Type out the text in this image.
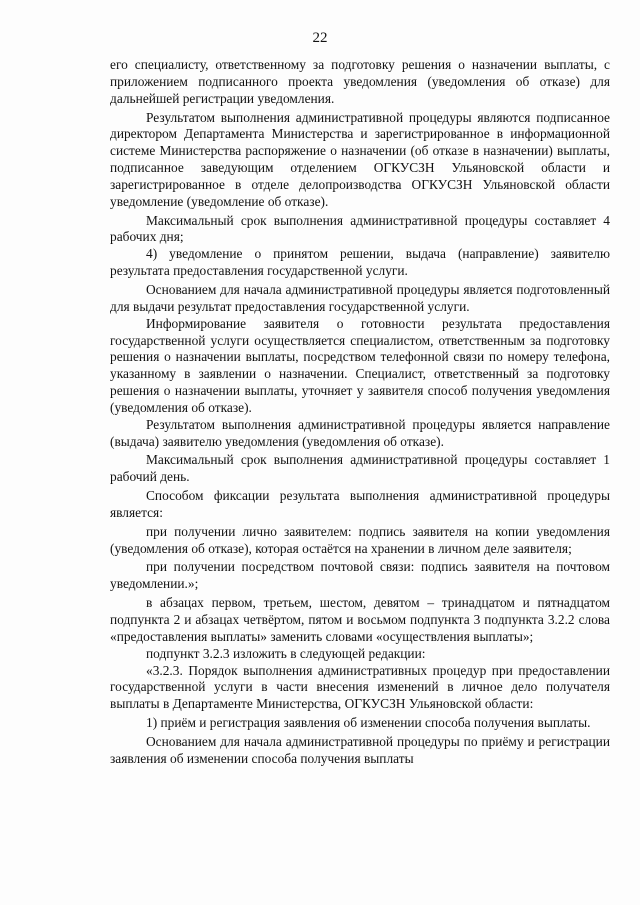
22

его специалисту, ответственному за подготовку решения о назначении выплаты, с приложением подписанного проекта уведомления (уведомления об отказе) для дальнейшей регистрации уведомления.

Результатом выполнения административной процедуры являются подписанное директором Департамента Министерства и зарегистрированное в информационной системе Министерства распоряжение о назначении (об отказе в назначении) выплаты, подписанное заведующим отделением ОГКУСЗН Ульяновской области и зарегистрированное в отделе делопроизводства ОГКУСЗН Ульяновской области уведомление (уведомление об отказе).

Максимальный срок выполнения административной процедуры составляет 4 рабочих дня;

4) уведомление о принятом решении, выдача (направление) заявителю результата предоставления государственной услуги.

Основанием для начала административной процедуры является подготовленный для выдачи результат предоставления государственной услуги.

Информирование заявителя о готовности результата предоставления государственной услуги осуществляется специалистом, ответственным за подготовку решения о назначении выплаты, посредством телефонной связи по номеру телефона, указанному в заявлении о назначении. Специалист, ответственный за подготовку решения о назначении выплаты, уточняет у заявителя способ получения уведомления (уведомления об отказе).

Результатом выполнения административной процедуры является направление (выдача) заявителю уведомления (уведомления об отказе).

Максимальный срок выполнения административной процедуры составляет 1 рабочий день.

Способом фиксации результата выполнения административной процедуры является:

при получении лично заявителем: подпись заявителя на копии уведомления (уведомления об отказе), которая остаётся на хранении в личном деле заявителя;

при получении посредством почтовой связи: подпись заявителя на почтовом уведомлении.»;

в абзацах первом, третьем, шестом, девятом – тринадцатом и пятнадцатом подпункта 2 и абзацах четвёртом, пятом и восьмом подпункта 3 подпункта 3.2.2 слова «предоставления выплаты» заменить словами «осуществления выплаты»;

подпункт 3.2.3 изложить в следующей редакции:

«3.2.3. Порядок выполнения административных процедур при предоставлении государственной услуги в части внесения изменений в личное дело получателя выплаты в Департаменте Министерства, ОГКУСЗН Ульяновской области:

1) приём и регистрация заявления об изменении способа получения выплаты.

Основанием для начала административной процедуры по приёму и регистрации заявления об изменении способа получения выплаты
